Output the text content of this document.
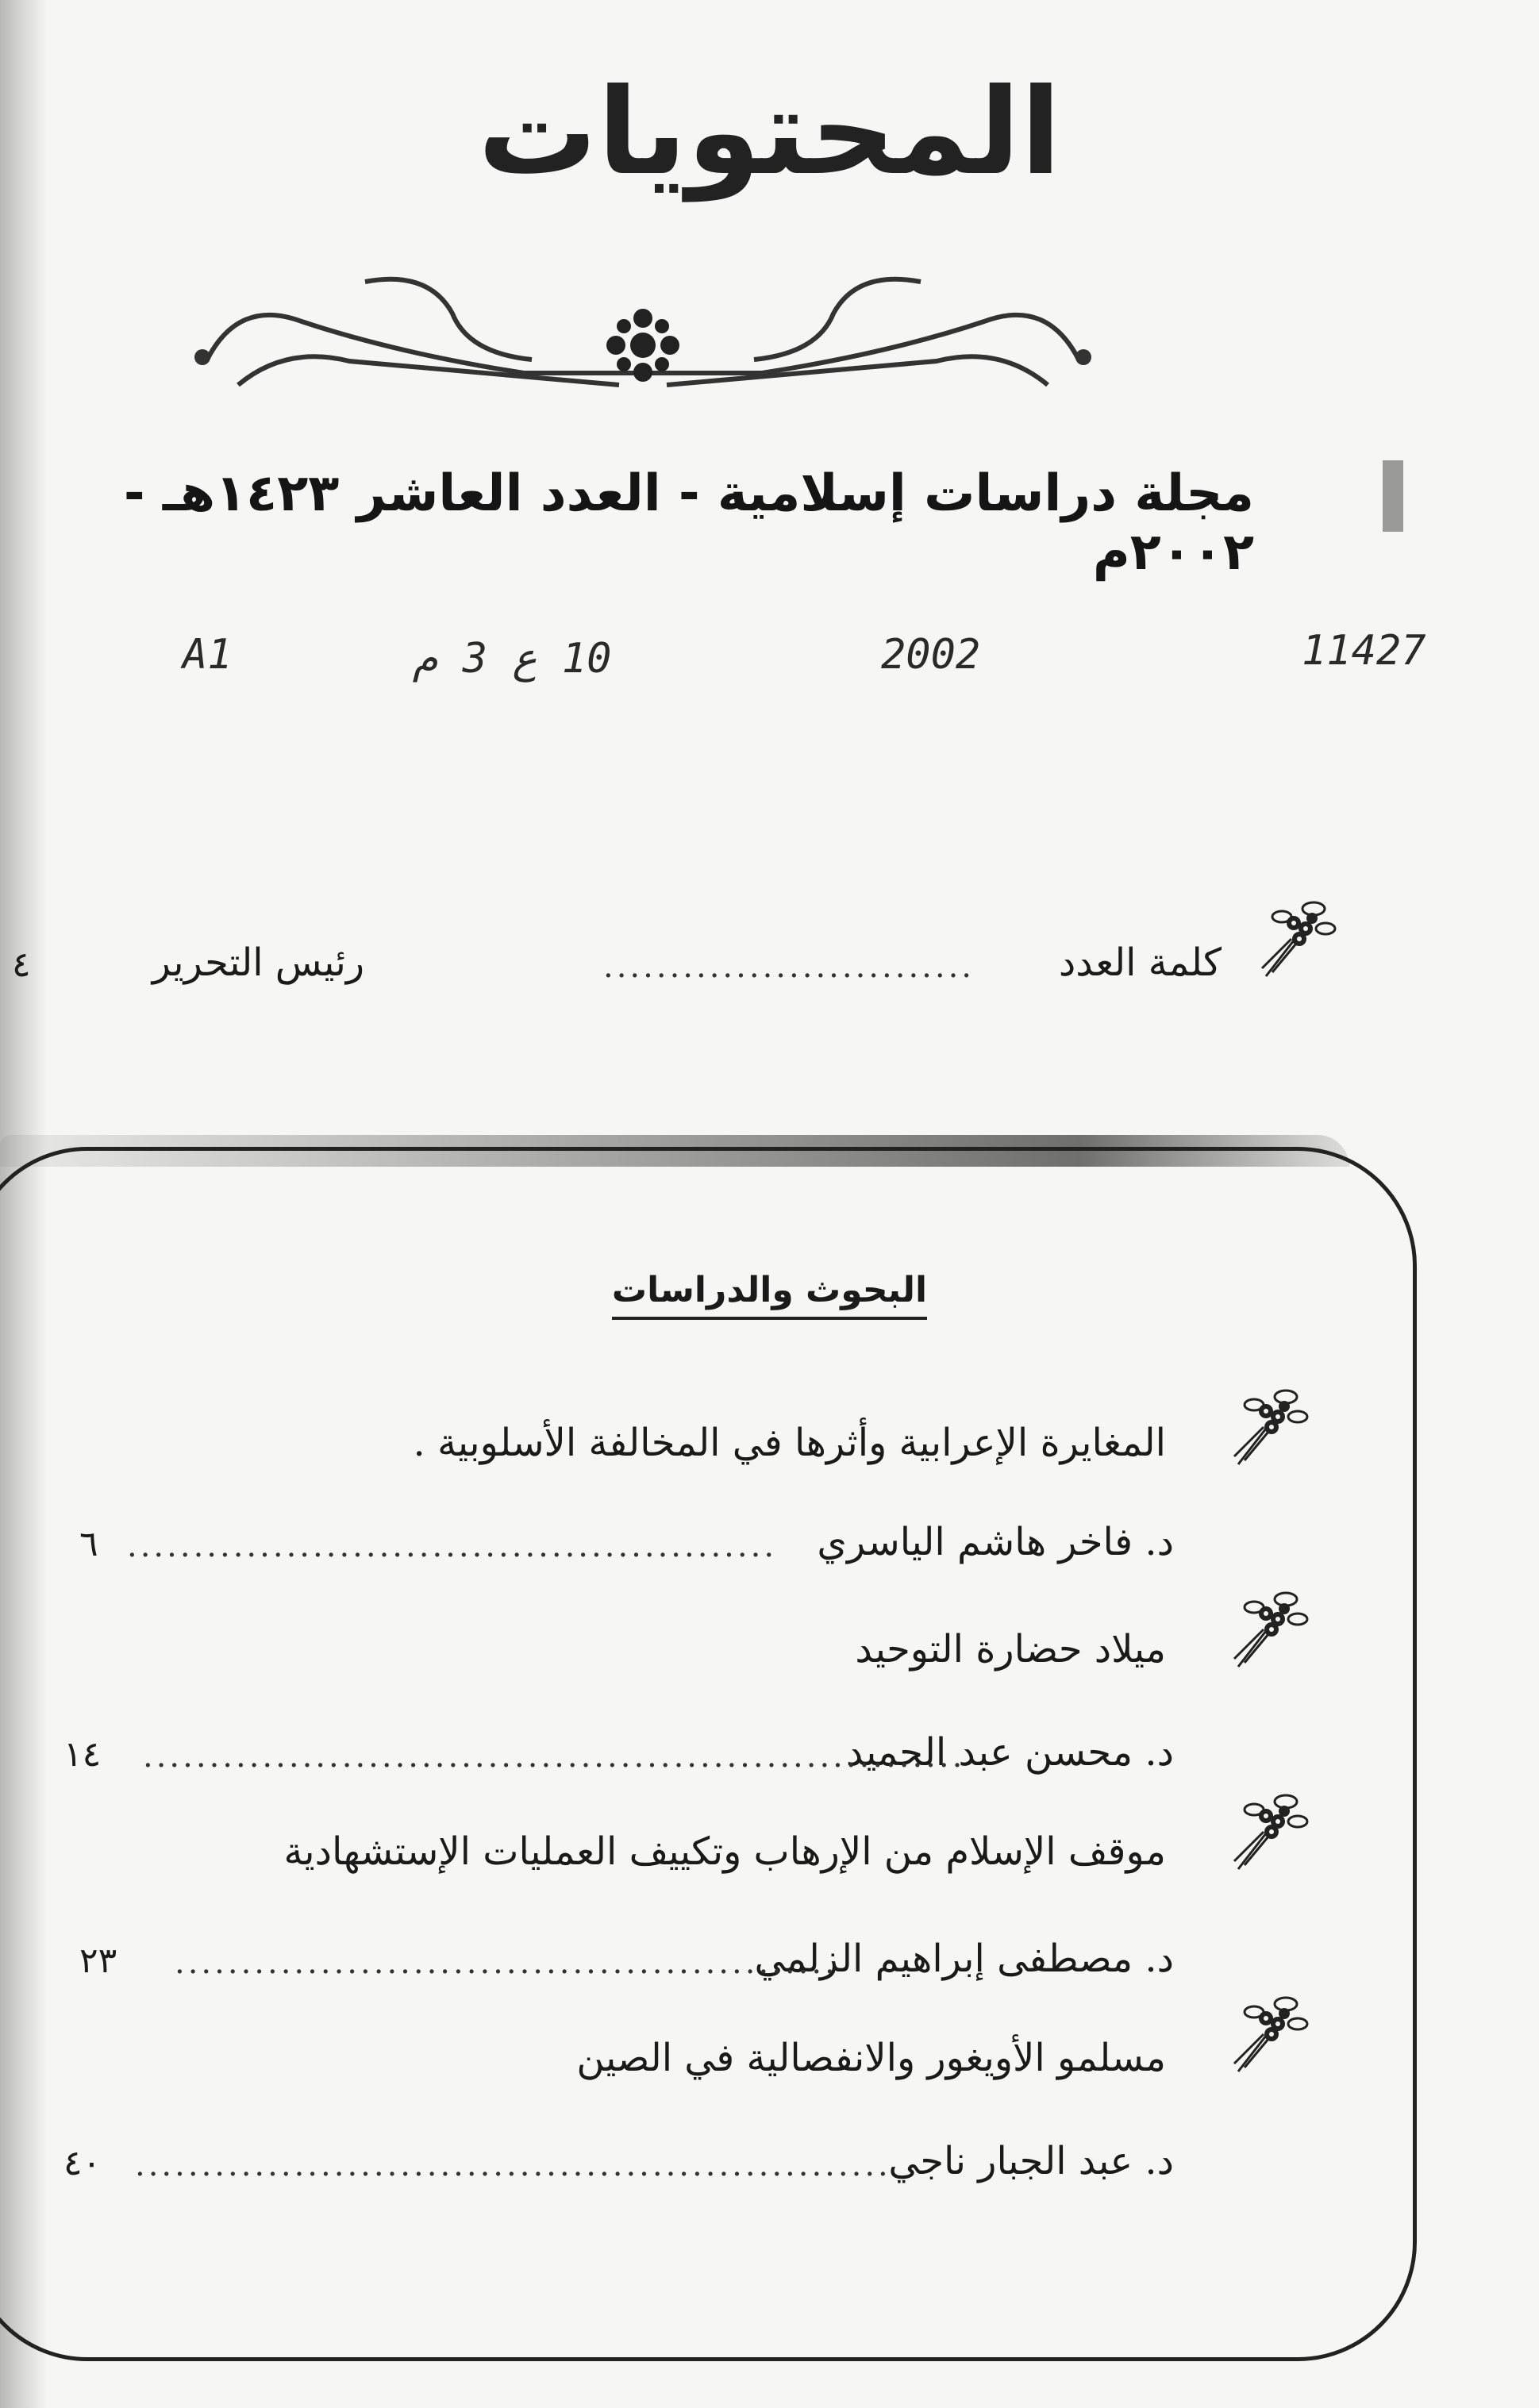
المحتويات
مجلة دراسات إسلامية - العدد العاشر ١٤٢٣هـ - ٢٠٠٢م
11427
2002
10 ع 3 م
A1
كلمة العدد
............................
رئيس التحرير
٤
البحوث والدراسات
المغايرة الإعرابية وأثرها في المخالفة الأسلوبية .
د. فاخر هاشم الياسري
.................................................
٦
ميلاد حضارة التوحيد
د. محسن عبد الحميد
..............................................................
١٤
موقف الإسلام من الإرهاب وتكييف العمليات الإستشهادية
د. مصطفى إبراهيم الزلمي
..................................................
٢٣
مسلمو الأويغور والانفصالية في الصين
د. عبد الجبار ناجي
.........................................................
٤٠
